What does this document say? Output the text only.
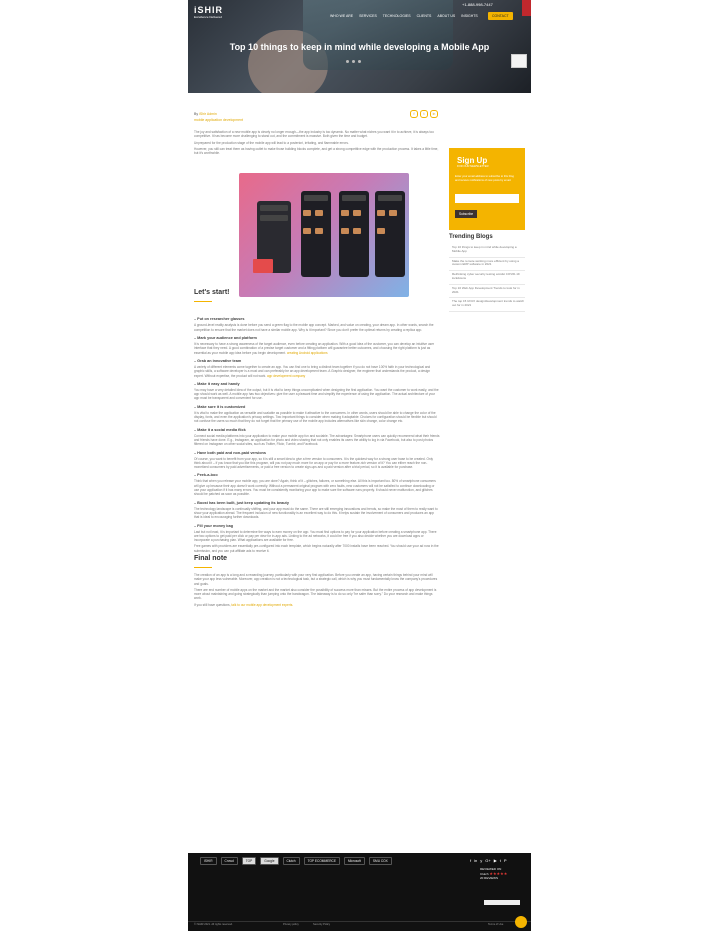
iSHIR
Excellence Delivered
+1-888-998-7447
WHO WE ARE SERVICES TECHNOLOGIES CLIENTS ABOUT US INSIGHTS	CONTACT
Top 10 things to keep in mind while developing a Mobile App
By iShir Admin
mobile application development
f	t	in

The joy and satisfaction of a new mobile app is clearly no longer enough—the app industry is too dynamic. No matter what niches you want it in to achieve, it is always too competitive. It has become more challenging to stand out, and the commitment is massive. Both given the time and budget.

Unprepared for the production stage of the mobile app will lead to a posteriori, irritating, and flammable errors.

However, you still can treat them as having outlet to make those building blocks complete, and get a strong competitive edge with the production process. It takes a little time, but it's worthwhile.

Let's start!
– Put on researcher glasses

A ground-level reality analysis is done before you send a green flag to the mobile app concept. Marked, and value on creating, your dream app. In other words, search the competition to ensure that the market does not have a similar mobile app. Why is it important? Since you don't prefer the optimal returns by creating a replica app.

– Mark your audience and platform

It is necessary to have a strong awareness of the target audience, even before creating an application. With a good idea of the customer, you can develop an intuitive user interface that they need. A good combination of a precise target customer and a fitting platform will guarantee better outcomes, and choosing the right platform is just as essential as your mobile app idea before you begin development. creating Android applications

– Grab an innovative team

A variety of different elements come together to create an app. You can find one to bring a distinct team together if you do not have 100% faith in your technological and graphic skills, a software developer is a must and can preferably be an app development team. A Graphic designer, the engineer that understands the product, a design expert. Without expertise, the product will not work. app development company

– Make it easy and handy

You may have a very detailed idea of the output, but it is vital to keep things uncomplicated when designing the first application. You want the customer to work easily, and the app should work as well. A mobile app has two objectives: give the user a pleasant time and simplify the experience of using the application. The actual architecture of your app must be transparent and convenient for use.

– Make sure it is customized

It is vital to make the application as versatile and scalable as possible to make it attractive to the consumers. In other words, users should be able to change the color of the display, fonts, and even the application's privacy settings. Two important things to consider when making it adaptable: Choices for configuration should be flexible but should not confuse the users so much that they do not forget that the primary use of the mobile app includes alternatives like skin change, color change etc.

– Make it a social media flick

Connect social media platforms into your application to make your mobile app fun and sociable. The advantages: Smartphone users can quickly recommend what their friends and friends have done. E.g., Instagram, an application for photo and video sharing that not only enables its users the ability to log in via Facebook, but also to post photos filtered on Instagram on other social sites, such as Twitter, Flickr, Tumblr, and Facebook.

– Have both paid and non-paid versions

Of course, you want to benefit from your app, so it is still a smart idea to give a free version to consumers. It is the quickest way for a strong user base to be created. Only think about it – if you know that you like this program, will you not pay much more for an app or pay for a more feature-rich version of it? You can either reach the non-monetized consumers by paid advertisements, or paid a free version to create sign-ups and a paid version after a trial period, so it is available for purchase.

– Peek-a-boo

Think that when you release your mobile app, you are done? Again, think of it – glitches, failures, or something else. All this is important too. 80% of smartphone consumers will give up because their app doesn't work correctly. Without a permanent original program with zero faults, new customers will not be satisfied to continue downloading or use your application if it has many errors. You must be consistently monitoring your app to make sure the software runs properly. It should never malfunction, and glitches should be patched as soon as possible.

– Boost has been built, just keep updating its beauty

The technology landscape is continually shifting, and your app must do the same. There are still emerging innovations and trends, so make the most of them to really want to show your application ahead. The frequent inclusion of new functionality is an excellent way to do this. It helps sustain the involvement of consumers and produces an app that is ideal to encouraging further downloads.

– Fill your money bag

Last but not least, it is important to determine the ways to earn money on the app. You must find options to pay for your application before creating a smartphone app. There are two options to get paid per click or pay per view for in-app ads. Linking to the ad networks, it could be free if you also decide whether you are download apps or incorporate a purchasing plan. What applications are available for free.

Free games with providers are essentially pre-configured into each template, which begins naturally after 7000 installs have been reached. You should use your ad now in the submission, and you can put affiliate ads to receive it.

Final note

The creation of an app is a long and a rewarding journey, particularly with your very first application. Before you create an app, having certain things behind your mind will make your app less vulnerable. Moreover, app creation is not a technological task, but a strategic call, which is why you must fundamentally know the company's procedures and goals.

There are end number of mobile apps on the market and the market also consider the possibility of success more than misses. But the entire process of app development is more about maintaining and going strategically than jumping onto the bandwagon. The takeaway is to do so only "be safer than sorry." Do your research and make things work.

If you still have questions, talk to our mobile app development experts.

Sign Up
FOR OUR NEWSLETTER
Enter your email address to subscribe to this blog and receive notifications of new posts by email.
Subscribe
Trending Blogs
Top 10 things to keep in mind while developing a Mobile App
Make the remote working more efficient by using a custom ERP software in 2021
Rethinking cyber security testing amidst COVID-19 lockdowns
Top 10 Web App Development Trends to look for in 2021
The top 15 UI/UX design/development trends to watch out for in 2021
ISHIR	Crowd	TOP	Google	Clutch	TOP ECOMMERCE	Microsoft	SMU COX	f in y G+ ▶ t P
REVIEWED ON
Clutch ★★★★★
20 REVIEWS
© ISHIR 2021. All rights reserved.	Privacy policy	Security Policy	Terms of Use
